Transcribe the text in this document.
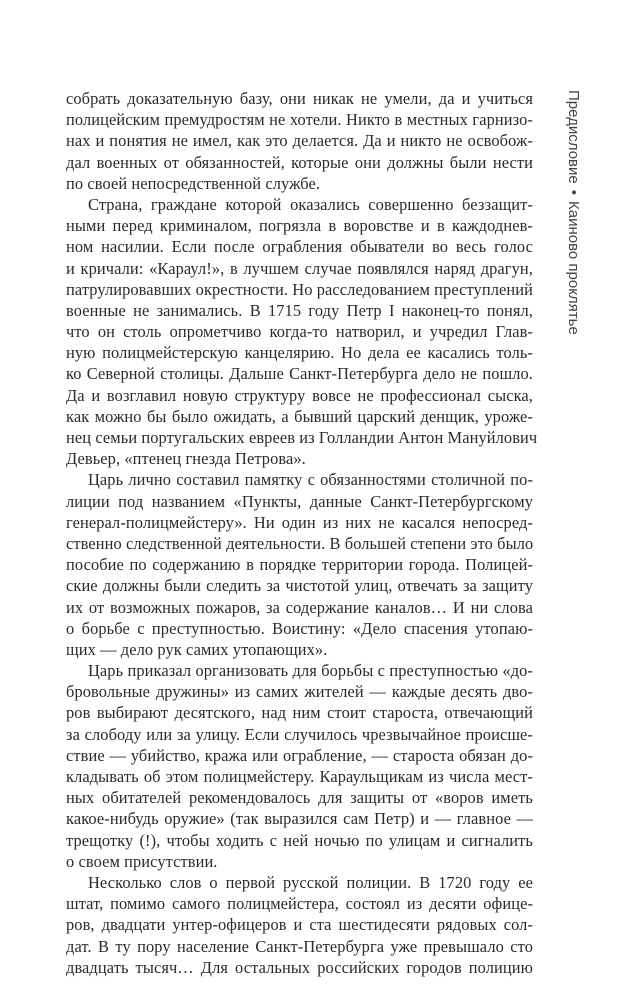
Предисловие•Каиново проклятье
собрать доказательную базу, они никак не умели, да и учиться
полицейским премудростям не хотели. Никто в местных гарнизо-
нах и понятия не имел, как это делается. Да и никто не освобож-
дал военных от обязанностей, которые они должны были нести
по своей непосредственной службе.
Страна, граждане которой оказались совершенно беззащит-
ными перед криминалом, погрязла в воровстве и в каждоднев-
ном насилии. Если после ограбления обыватели во весь голос
и кричали: «Караул!», в лучшем случае появлялся наряд драгун,
патрулировавших окрестности. Но расследованием преступлений
военные не занимались. В 1715 году Петр I наконец-то понял,
что он столь опрометчиво когда-то натворил, и учредил Глав-
ную полицмейстерскую канцелярию. Но дела ее касались толь-
ко Северной столицы. Дальше Санкт-Петербурга дело не пошло.
Да и возглавил новую структуру вовсе не профессионал сыска,
как можно бы было ожидать, а бывший царский денщик, уроже-
нец семьи португальских евреев из Голландии Антон Мануйлович
Девьер, «птенец гнезда Петрова».
Царь лично составил памятку с обязанностями столичной по-
лиции под названием «Пункты, данные Санкт-Петербургскому
генерал-полицмейстеру». Ни один из них не касался непосред-
ственно следственной деятельности. В большей степени это было
пособие по содержанию в порядке территории города. Полицей-
ские должны были следить за чистотой улиц, отвечать за защиту
их от возможных пожаров, за содержание каналов… И ни слова
о борьбе с преступностью. Воистину: «Дело спасения утопаю-
щих — дело рук самих утопающих».
Царь приказал организовать для борьбы с преступностью «до-
бровольные дружины» из самих жителей — каждые десять дво-
ров выбирают десятского, над ним стоит староста, отвечающий
за слободу или за улицу. Если случилось чрезвычайное происше-
ствие — убийство, кража или ограбление, — староста обязан до-
кладывать об этом полицмейстеру. Караульщикам из числа мест-
ных обитателей рекомендовалось для защиты от «воров иметь
какое-нибудь оружие» (так выразился сам Петр) и — главное —
трещотку (!), чтобы ходить с ней ночью по улицам и сигналить
о своем присутствии.
Несколько слов о первой русской полиции. В 1720 году ее
штат, помимо самого полицмейстера, состоял из десяти офице-
ров, двадцати унтер-офицеров и ста шестидесяти рядовых сол-
дат. В ту пору население Санкт-Петербурга уже превышало сто
двадцать тысяч… Для остальных российских городов полицию
